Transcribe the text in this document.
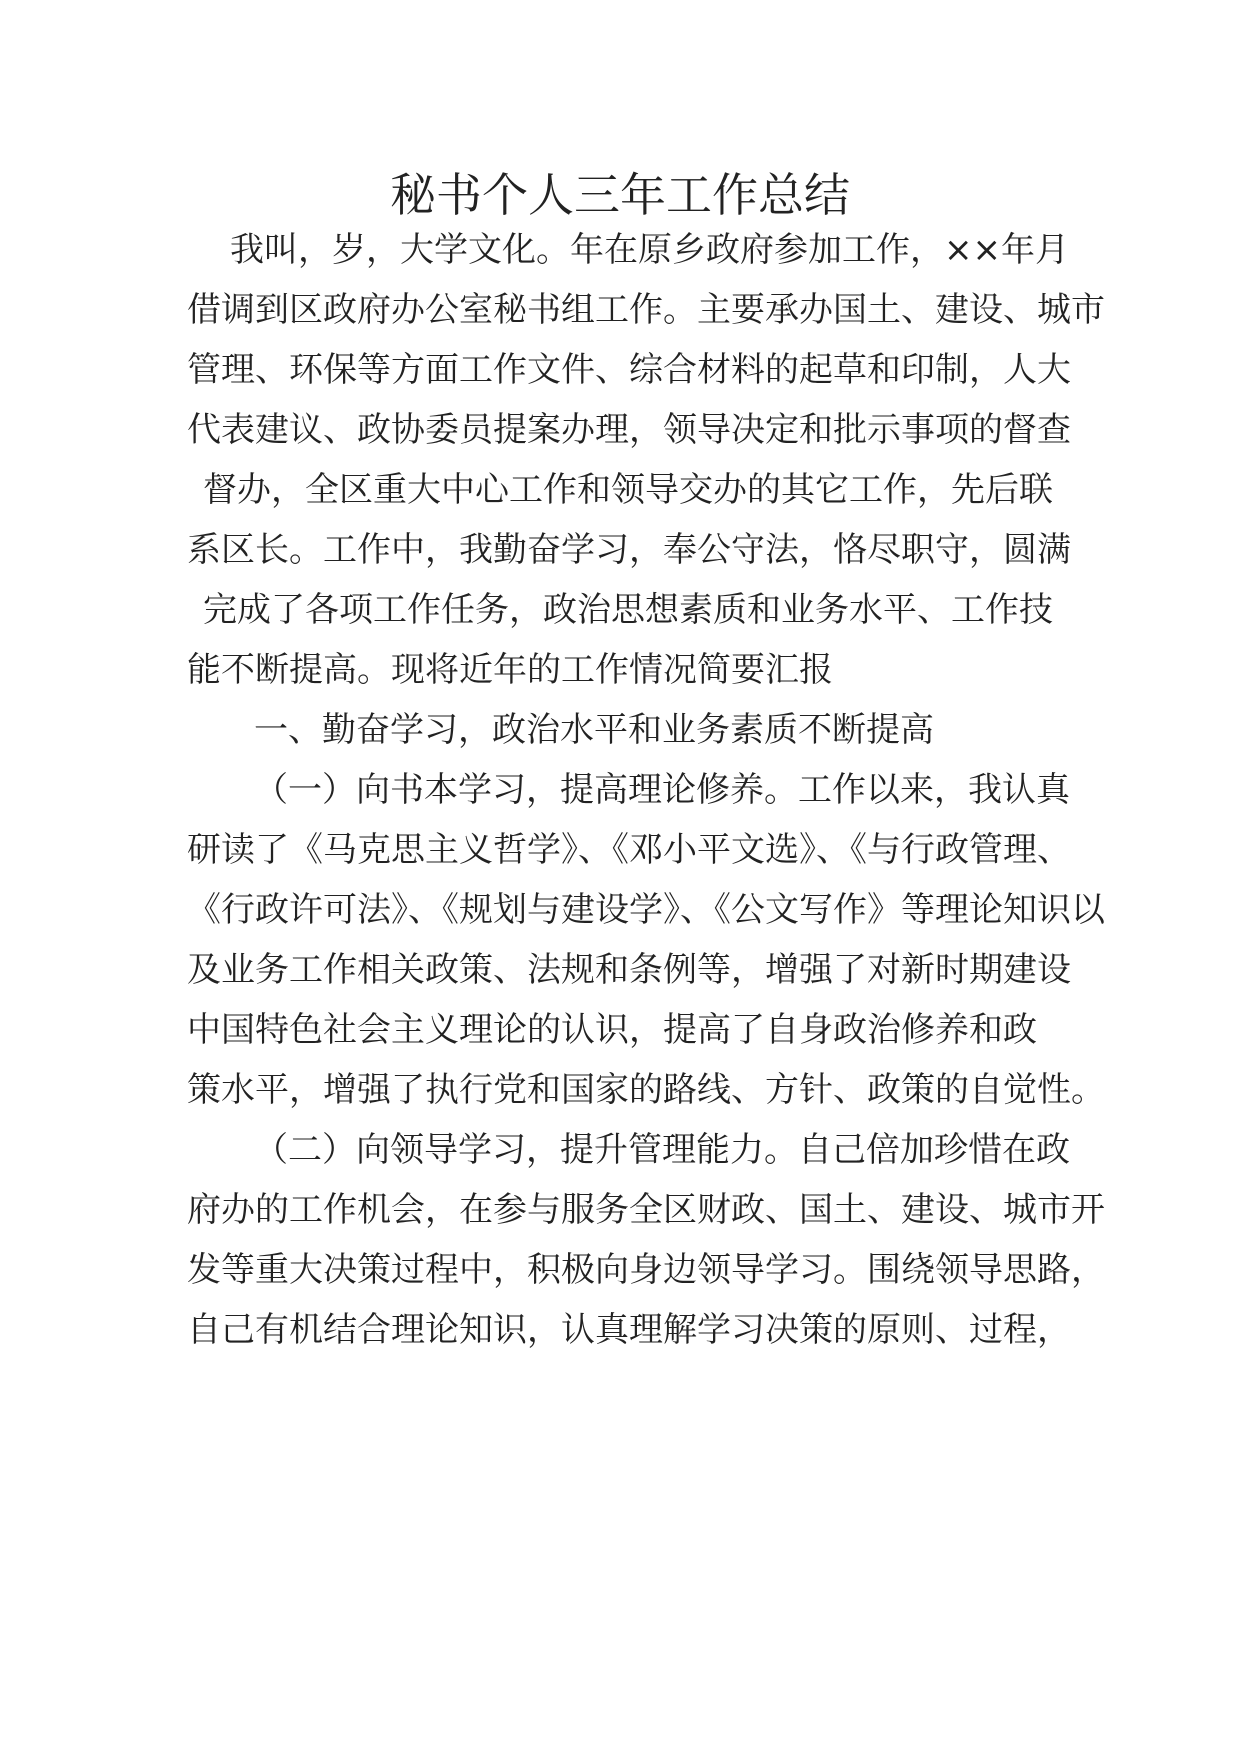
秘书个人三年工作总结

我叫，岁，大学文化。年在原乡政府参加工作，××年月

借调到区政府办公室秘书组工作。主要承办国土、建设、城市

管理、环保等方面工作文件、综合材料的起草和印制，人大

代表建议、政协委员提案办理，领导决定和批示事项的督查

督办，全区重大中心工作和领导交办的其它工作，先后联

系区长。工作中，我勤奋学习，奉公守法，恪尽职守，圆满

完成了各项工作任务，政治思想素质和业务水平、工作技

能不断提高。现将近年的工作情况简要汇报

一、勤奋学习，政治水平和业务素质不断提高

（一）向书本学习，提高理论修养。工作以来，我认真

研读了《马克思主义哲学》、《邓小平文选》、《与行政管理、

《行政许可法》、《规划与建设学》、《公文写作》等理论知识以

及业务工作相关政策、法规和条例等，增强了对新时期建设

中国特色社会主义理论的认识，提高了自身政治修养和政

策水平，增强了执行党和国家的路线、方针、政策的自觉性。

（二）向领导学习，提升管理能力。自己倍加珍惜在政

府办的工作机会，在参与服务全区财政、国土、建设、城市开

发等重大决策过程中，积极向身边领导学习。围绕领导思路，

自己有机结合理论知识，认真理解学习决策的原则、过程，
